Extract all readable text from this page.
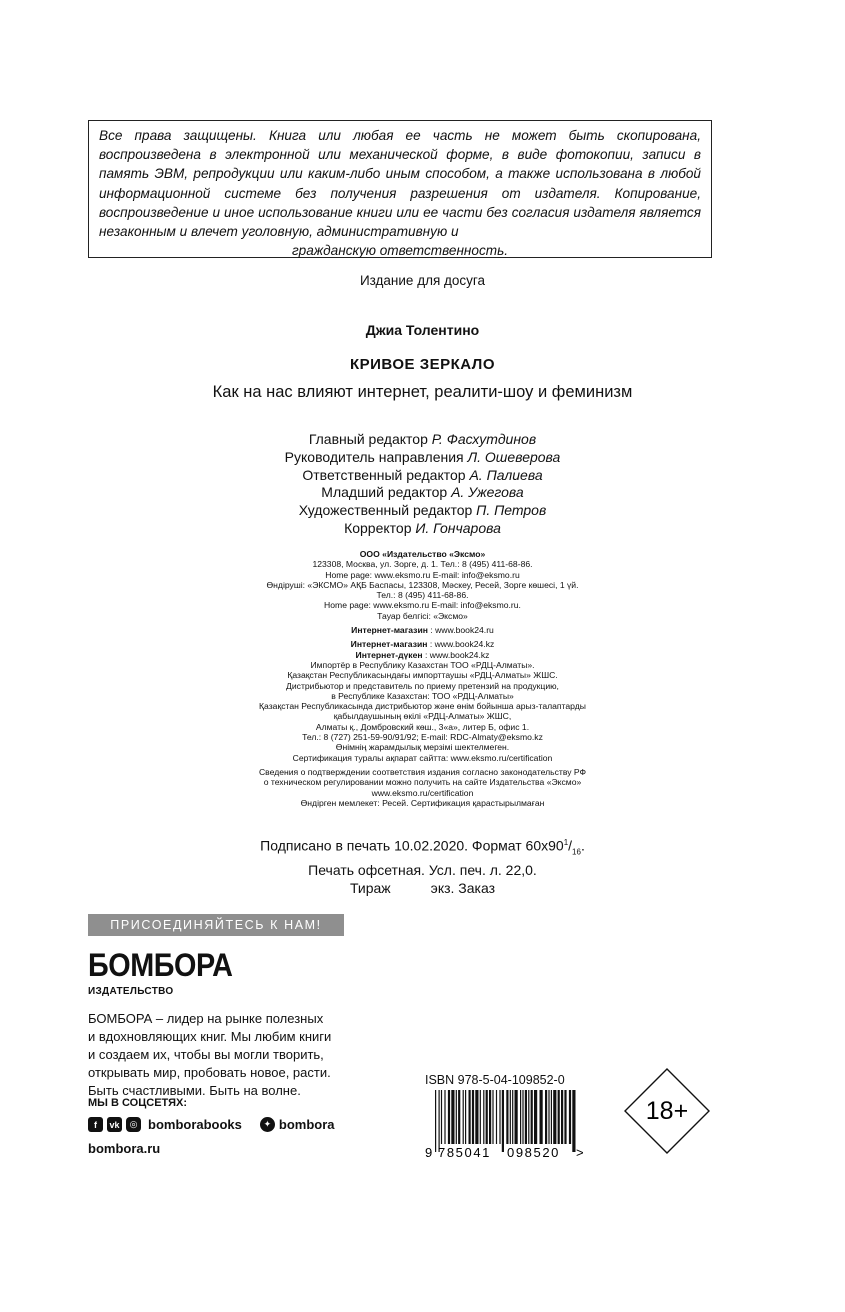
Все права защищены. Книга или любая ее часть не может быть скопирована, воспроизведена в электронной или механической форме, в виде фотокопии, записи в память ЭВМ, репродукции или каким-либо иным способом, а также использована в любой информационной системе без получения разрешения от издателя. Копирование, воспроизведение и иное использование книги или ее части без согласия издателя является незаконным и влечет уголовную, административную и
гражданскую ответственность.
Издание для досуга
Джиа Толентино
КРИВОЕ ЗЕРКАЛО
Как на нас влияют интернет, реалити-шоу и феминизм
Главный редактор Р. Фасхутдинов
Руководитель направления Л. Ошеверова
Ответственный редактор А. Палиева
Младший редактор А. Ужегова
Художественный редактор П. Петров
Корректор И. Гончарова
ООО «Издательство «Эксмо»
123308, Москва, ул. Зорге, д. 1. Тел.: 8 (495) 411-68-86.
Home page: www.eksmo.ru E-mail: info@eksmo.ru
Өндіруші: «ЭКСМО» АҚБ Баспасы, 123308, Мәскеу, Ресей, Зорге көшесі, 1 үй.
Тел.: 8 (495) 411-68-86.
Home page: www.eksmo.ru E-mail: info@eksmo.ru.
Тауар белгісі: «Эксмо»
Интернет-магазин : www.book24.ru
Интернет-магазин : www.book24.kz
Интернет-дүкен : www.book24.kz
Импортёр в Республику Казахстан ТОО «РДЦ-Алматы».
Қазақстан Республикасындағы импорттаушы «РДЦ-Алматы» ЖШС.
Дистрибьютор и представитель по приему претензий на продукцию,
в Республике Казахстан: ТОО «РДЦ-Алматы»
Қазақстан Республикасында дистрибьютор және өнім бойынша арыз-талаптарды
қабылдаушының өкілі «РДЦ-Алматы» ЖШС,
Алматы қ., Домбровский көш., 3«а», литер Б, офис 1.
Тел.: 8 (727) 251-59-90/91/92; E-mail: RDC-Almaty@eksmo.kz
Өнімнің жарамдылық мерзімі шектелмеген.
Сертификация туралы ақпарат сайтта: www.eksmo.ru/certification
Сведения о подтверждении соответствия издания согласно законодательству РФ
о техническом регулировании можно получить на сайте Издательства «Эксмо»
www.eksmo.ru/certification
Өндірген мемлекет: Ресей. Сертификация қарастырылмаған
Подписано в печать 10.02.2020. Формат $60x90^1/_{16}$.
Печать офсетная. Усл. печ. л. 22,0.
Тираж	экз. Заказ
ПРИСОЕДИНЯЙТЕСЬ К НАМ!
БОМБОРА
ИЗДАТЕЛЬСТВО
БОМБОРА – лидер на рынке полезных
и вдохновляющих книг. Мы любим книги
и создаем их, чтобы вы могли творить,
открывать мир, пробовать новое, расти.
Быть счастливыми. Быть на волне.
МЫ В СОЦСЕТЯХ:
f	vk	◎ bomborabooks	✦ bombora
bombora.ru
ISBN 978-5-04-109852-0
9 785041 098520 >
18+
